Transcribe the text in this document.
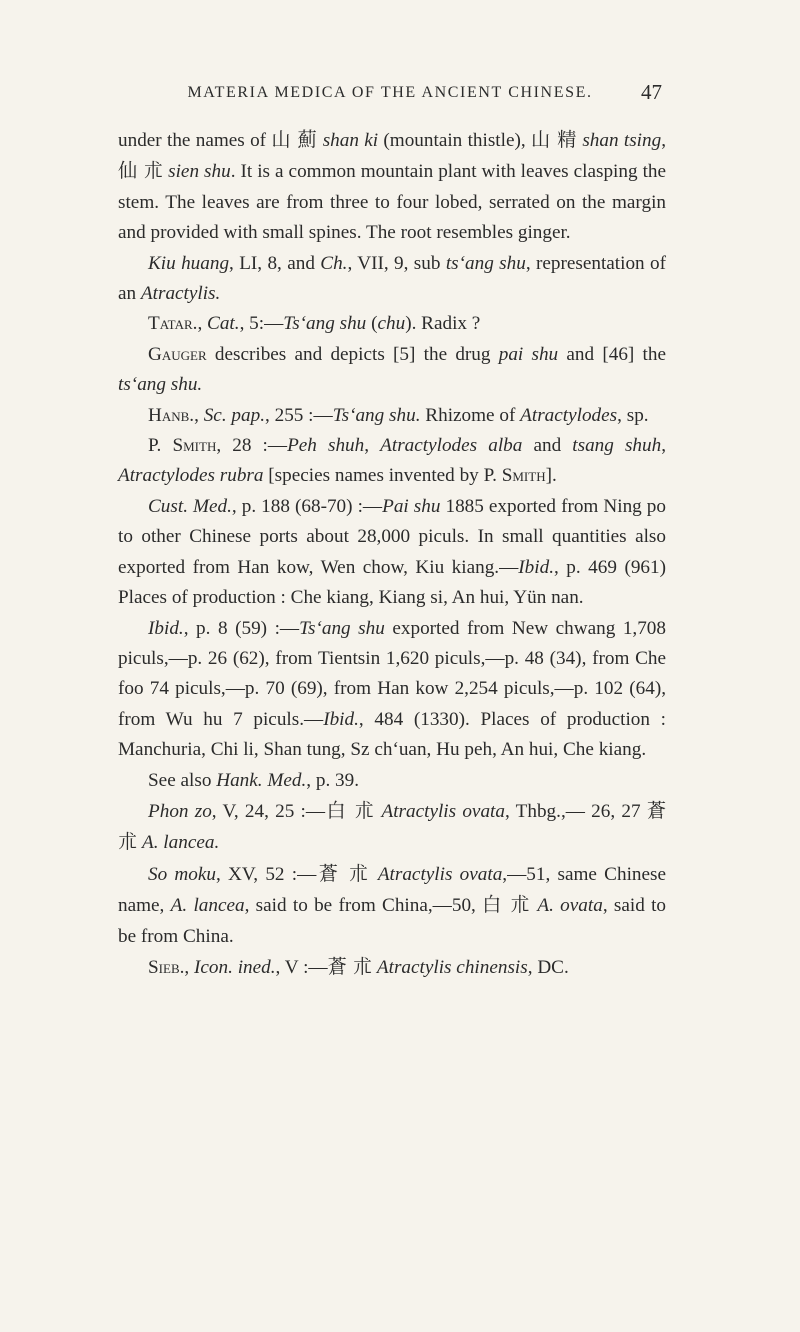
MATERIA MEDICA OF THE ANCIENT CHINESE.	47

under the names of 山 薊 shan ki (mountain thistle), 山 精 shan tsing, 仙 朮 sien shu. It is a common mountain plant with leaves clasping the stem. The leaves are from three to four lobed, serrated on the margin and provided with small spines. The root resembles ginger.

Kiu huang, LI, 8, and Ch., VII, 9, sub ts‘ang shu, representation of an Atractylis.

Tatar., Cat., 5:—Ts‘ang shu (chu). Radix ?

Gauger describes and depicts [5] the drug pai shu and [46] the ts‘ang shu.

Hanb., Sc. pap., 255 :—Ts‘ang shu. Rhizome of Atractylodes, sp.

P. Smith, 28 :—Peh shuh, Atractylodes alba and tsang shuh, Atractylodes rubra [species names invented by P. Smith].

Cust. Med., p. 188 (68-70) :—Pai shu 1885 exported from Ning po to other Chinese ports about 28,000 piculs. In small quantities also exported from Han kow, Wen chow, Kiu kiang.—Ibid., p. 469 (961) Places of production : Che kiang, Kiang si, An hui, Yün nan.

Ibid., p. 8 (59) :—Ts‘ang shu exported from New chwang 1,708 piculs,—p. 26 (62), from Tientsin 1,620 piculs,—p. 48 (34), from Che foo 74 piculs,—p. 70 (69), from Han kow 2,254 piculs,—p. 102 (64), from Wu hu 7 piculs.—Ibid., 484 (1330). Places of production : Manchuria, Chi li, Shan tung, Sz ch‘uan, Hu peh, An hui, Che kiang.

See also Hank. Med., p. 39.

Phon zo, V, 24, 25 :—白 朮 Atractylis ovata, Thbg.,— 26, 27 蒼 朮 A. lancea.

So moku, XV, 52 :—蒼 朮 Atractylis ovata,—51, same Chinese name, A. lancea, said to be from China,—50, 白 朮 A. ovata, said to be from China.

Sieb., Icon. ined., V :—蒼 朮 Atractylis chinensis, DC.
